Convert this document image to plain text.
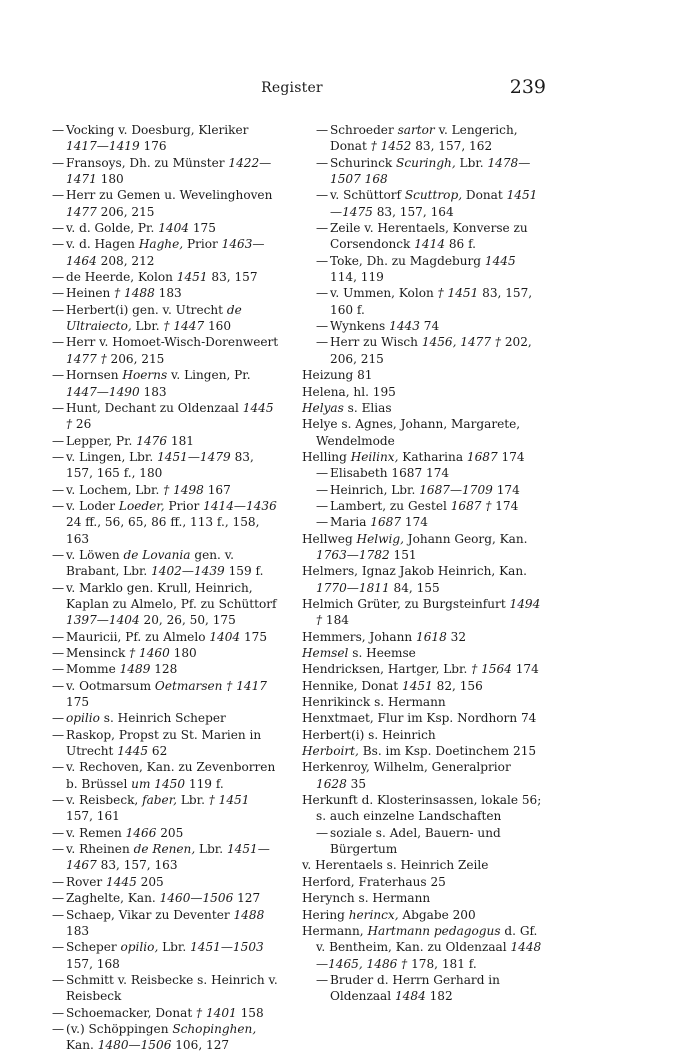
Register	239

— Vocking v. Doesburg, Kleriker 1417—1419 176

— Fransoys, Dh. zu Münster 1422—1471 180

— Herr zu Gemen u. Wevelinghoven 1477 206, 215

— v. d. Golde, Pr. 1404 175

— v. d. Hagen Haghe, Prior 1463—1464 208, 212

— de Heerde, Kolon 1451 83, 157

— Heinen † 1488 183

— Herbert(i) gen. v. Utrecht de Ultraiecto, Lbr. † 1447 160

— Herr v. Homoet-Wisch-Dorenweert 1477 † 206, 215

— Hornsen Hoerns v. Lingen, Pr. 1447—1490 183

— Hunt, Dechant zu Oldenzaal 1445 † 26

— Lepper, Pr. 1476 181

— v. Lingen, Lbr. 1451—1479 83, 157, 165 f., 180

— v. Lochem, Lbr. † 1498 167

— v. Loder Loeder, Prior 1414—1436 24 ff., 56, 65, 86 ff., 113 f., 158, 163

— v. Löwen de Lovania gen. v. Brabant, Lbr. 1402—1439 159 f.

— v. Marklo gen. Krull, Heinrich, Kaplan zu Almelo, Pf. zu Schüttorf 1397—1404 20, 26, 50, 175

— Mauricii, Pf. zu Almelo 1404 175

— Mensinck † 1460 180

— Momme 1489 128

— v. Ootmarsum Oetmarsen † 1417 175

— opilio s. Heinrich Scheper

— Raskop, Propst zu St. Marien in Utrecht 1445 62

— v. Rechoven, Kan. zu Zevenborren b. Brüssel um 1450 119 f.

— v. Reisbeck, faber, Lbr. † 1451 157, 161

— v. Remen 1466 205

— v. Rheinen de Renen, Lbr. 1451—1467 83, 157, 163

— Rover 1445 205

— Zaghelte, Kan. 1460—1506 127

— Schaep, Vikar zu Deventer 1488 183

— Scheper opilio, Lbr. 1451—1503 157, 168

— Schmitt v. Reisbecke s. Heinrich v. Reisbeck

— Schoemacker, Donat † 1401 158

— (v.) Schöppingen Schopinghen, Kan. 1480—1506 106, 127

— Schroeder sartor v. Lengerich, Donat † 1452 83, 157, 162

— Schurinck Scuringh, Lbr. 1478—1507 168

— v. Schüttorf Scuttrop, Donat 1451—1475 83, 157, 164

— Zeile v. Herentaels, Konverse zu Corsendonck 1414 86 f.

— Toke, Dh. zu Magdeburg 1445 114, 119

— v. Ummen, Kolon † 1451 83, 157, 160 f.

— Wynkens 1443 74

— Herr zu Wisch 1456, 1477 † 202, 206, 215

Heizung 81

Helena, hl. 195

Helyas s. Elias

Helye s. Agnes, Johann, Margarete, Wendelmode

Helling Heilinx, Katharina 1687 174

— Elisabeth 1687 174

— Heinrich, Lbr. 1687—1709 174

— Lambert, zu Gestel 1687 † 174

— Maria 1687 174

Hellweg Helwig, Johann Georg, Kan. 1763—1782 151

Helmers, Ignaz Jakob Heinrich, Kan. 1770—1811 84, 155

Helmich Grüter, zu Burgsteinfurt 1494 † 184

Hemmers, Johann 1618 32

Hemsel s. Heemse

Hendricksen, Hartger, Lbr. † 1564 174

Hennike, Donat 1451 82, 156

Henrikinck s. Hermann

Henxtmaet, Flur im Ksp. Nordhorn 74

Herbert(i) s. Heinrich

Herboirt, Bs. im Ksp. Doetinchem 215

Herkenroy, Wilhelm, Generalprior 1628 35

Herkunft d. Klosterinsassen, lokale 56; s. auch einzelne Landschaften

— soziale s. Adel, Bauern- und Bürgertum

v. Herentaels s. Heinrich Zeile

Herford, Fraterhaus 25

Herynch s. Hermann

Hering herincx, Abgabe 200

Hermann, Hartmann pedagogus d. Gf. v. Bentheim, Kan. zu Oldenzaal 1448—1465, 1486 † 178, 181 f.

— Bruder d. Herrn Gerhard in Oldenzaal 1484 182
